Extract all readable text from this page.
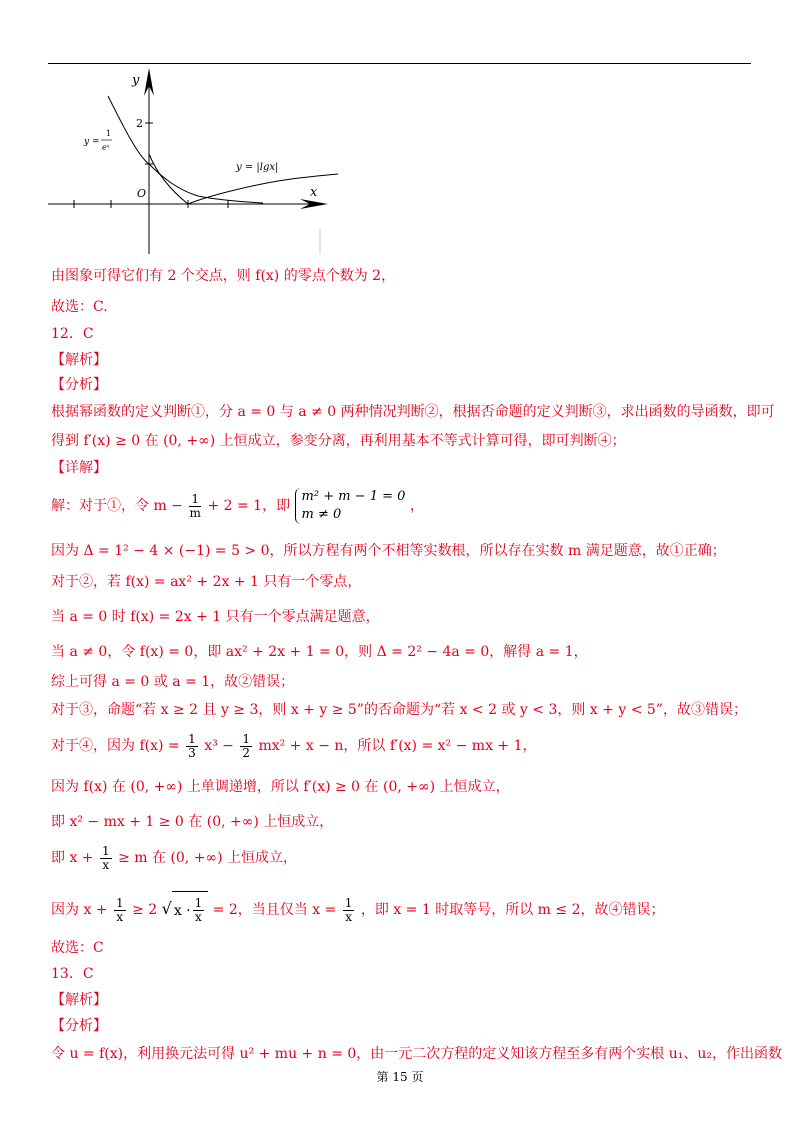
y
x
O
2
y =
1
eˣ
y = |lgx|
由图象可得它们有 2 个交点，则 f(x) 的零点个数为 2，
故选：C.
12．C
【解析】
【分析】
根据幂函数的定义判断①，分 a = 0 与 a ≠ 0 两种情况判断②，根据否命题的定义判断③，求出函数的导函数，即可
得到 f′(x) ≥ 0 在 (0, +∞) 上恒成立，参变分离，再利用基本不等式计算可得，即可判断④；
【详解】
解：对于①，令 $m - \frac{1}{m} + 2 = 1$，即
m² + m − 1 = 0
m ≠ 0
，
因为 Δ = 1² − 4 × (−1) = 5 > 0，所以方程有两个不相等实数根，所以存在实数 m 满足题意，故①正确；
对于②，若 f(x) = ax² + 2x + 1 只有一个零点，
当 a = 0 时 f(x) = 2x + 1 只有一个零点满足题意，
当 a ≠ 0，令 f(x) = 0，即 ax² + 2x + 1 = 0，则 Δ = 2² − 4a = 0，解得 a = 1，
综上可得 a = 0 或 a = 1，故②错误；
对于③，命题“若 x ≥ 2 且 y ≥ 3，则 x + y ≥ 5”的否命题为“若 x < 2 或 y < 3，则 x + y < 5”，故③错误；
对于④，因为 $f(x) = \frac{1}{3} x^3 - \frac{1}{2} mx^2 + x - n$，所以 f′(x) = x² − mx + 1，
因为 f(x) 在 (0, +∞) 上单调递增，所以 f′(x) ≥ 0 在 (0, +∞) 上恒成立，
即 x² − mx + 1 ≥ 0 在 (0, +∞) 上恒成立，
即 $x + \frac{1}{x} \ge m$ 在 (0, +∞) 上恒成立，
因为 $x + \frac{1}{x} \ge 2$ √ $x \cdot \frac{1}{x} = 2$，当且仅当 $x = \frac{1}{x}$ ，即 x = 1 时取等号，所以 m ≤ 2，故④错误；
故选：C
13．C
【解析】
【分析】
令 u = f(x)，利用换元法可得 u² + mu + n = 0，由一元二次方程的定义知该方程至多有两个实根 u₁、u₂，作出函数
第 15 页
